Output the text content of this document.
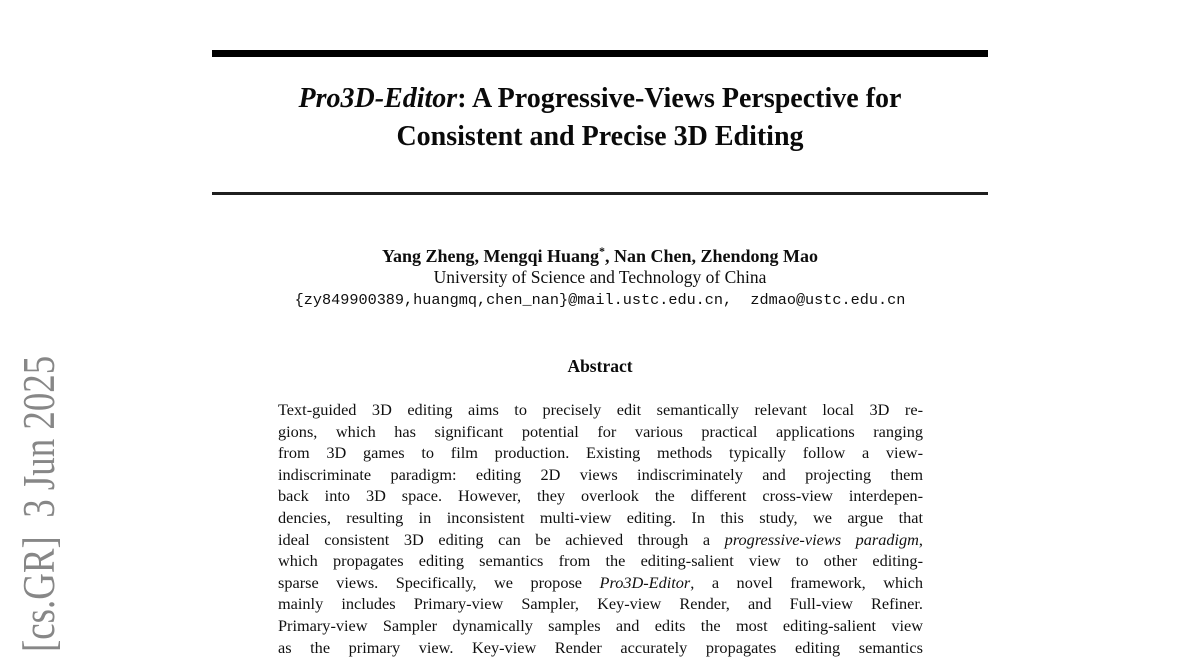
[cs.GR]  3 Jun 2025
Pro3D-Editor: A Progressive-Views Perspective for
Consistent and Precise 3D Editing
Yang Zheng, Mengqi Huang*, Nan Chen, Zhendong Mao
University of Science and Technology of China
{zy849900389,huangmq,chen_nan}@mail.ustc.edu.cn,  zdmao@ustc.edu.cn
Abstract
Text-guided 3D editing aims to precisely edit semantically relevant local 3D re-
gions, which has significant potential for various practical applications ranging
from 3D games to film production. Existing methods typically follow a view-
indiscriminate paradigm: editing 2D views indiscriminately and projecting them
back into 3D space. However, they overlook the different cross-view interdepen-
dencies, resulting in inconsistent multi-view editing. In this study, we argue that
ideal consistent 3D editing can be achieved through a progressive-views paradigm,
which propagates editing semantics from the editing-salient view to other editing-
sparse views. Specifically, we propose Pro3D-Editor, a novel framework, which
mainly includes Primary-view Sampler, Key-view Render, and Full-view Refiner.
Primary-view Sampler dynamically samples and edits the most editing-salient view
as the primary view. Key-view Render accurately propagates editing semantics
